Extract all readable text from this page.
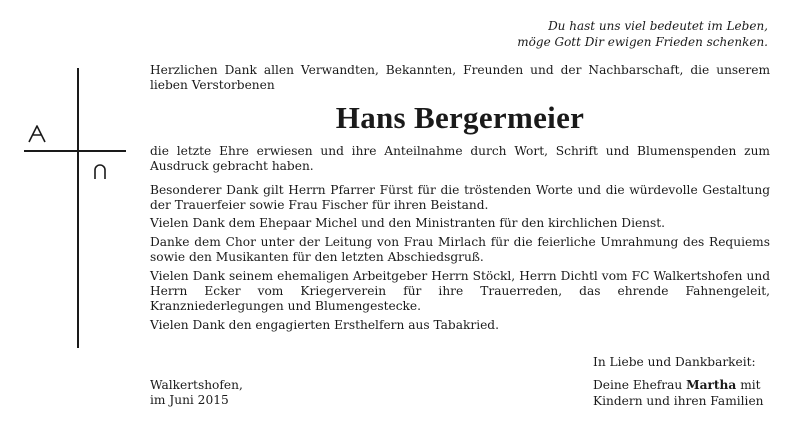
Du hast uns viel bedeutet im Leben,
möge Gott Dir ewigen Frieden schenken.

Herzlichen Dank allen Verwandten, Bekannten, Freunden und der Nachbarschaft, die unserem lieben Verstorbenen

Hans Bergermeier

die letzte Ehre erwiesen und ihre Anteilnahme durch Wort, Schrift und Blumenspenden zum Ausdruck gebracht haben.

Besonderer Dank gilt Herrn Pfarrer Fürst für die tröstenden Worte und die würdevolle Gestaltung der Trauerfeier sowie Frau Fischer für ihren Beistand.

Vielen Dank dem Ehepaar Michel und den Ministranten für den kirchlichen Dienst.

Danke dem Chor unter der Leitung von Frau Mirlach für die feierliche Umrahmung des Requiems sowie den Musikanten für den letzten Abschiedsgruß.

Vielen Dank seinem ehemaligen Arbeitgeber Herrn Stöckl, Herrn Dichtl vom FC Walkertshofen und Herrn Ecker vom Kriegerverein für ihre Trauerreden, das ehrende Fahnengeleit, Kranzniederlegungen und Blumengestecke.

Vielen Dank den engagierten Ersthelfern aus Tabakried.

Walkertshofen,
im Juni 2015
In Liebe und Dankbarkeit:
Deine Ehefrau Martha mit
Kindern und ihren Familien
